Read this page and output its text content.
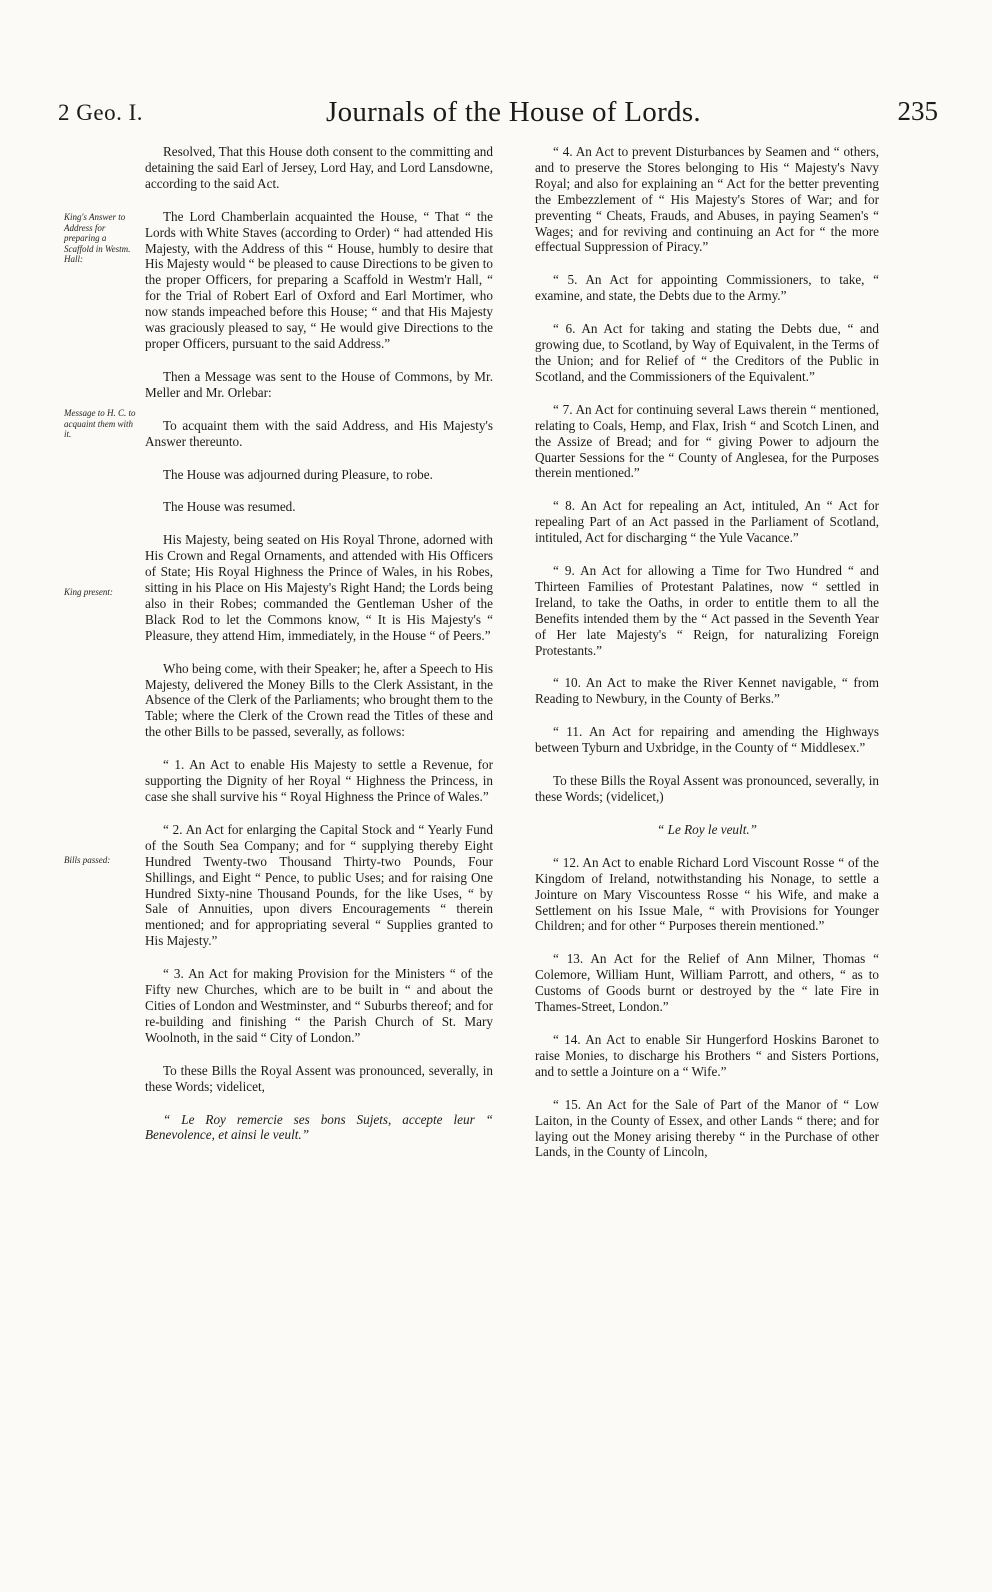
2 Geo. I.	Journals of the House of Lords.	235
King's Answer to Address for preparing a Scaffold in Westm. Hall:
Message to H. C. to acquaint them with it.
King present:
Bills passed:

Resolved, That this House doth consent to the committing and detaining the said Earl of Jersey, Lord Hay, and Lord Lansdowne, according to the said Act.

The Lord Chamberlain acquainted the House, “ That “ the Lords with White Staves (according to Order) “ had attended His Majesty, with the Address of this “ House, humbly to desire that His Majesty would “ be pleased to cause Directions to be given to the proper Officers, for preparing a Scaffold in Westm'r Hall, “ for the Trial of Robert Earl of Oxford and Earl Mortimer, who now stands impeached before this House; “ and that His Majesty was graciously pleased to say, “ He would give Directions to the proper Officers, pursuant to the said Address.”

Then a Message was sent to the House of Commons, by Mr. Meller and Mr. Orlebar:

To acquaint them with the said Address, and His Majesty's Answer thereunto.

The House was adjourned during Pleasure, to robe.

The House was resumed.

His Majesty, being seated on His Royal Throne, adorned with His Crown and Regal Ornaments, and attended with His Officers of State; His Royal Highness the Prince of Wales, in his Robes, sitting in his Place on His Majesty's Right Hand; the Lords being also in their Robes; commanded the Gentleman Usher of the Black Rod to let the Commons know, “ It is His Majesty's “ Pleasure, they attend Him, immediately, in the House “ of Peers.”

Who being come, with their Speaker; he, after a Speech to His Majesty, delivered the Money Bills to the Clerk Assistant, in the Absence of the Clerk of the Parliaments; who brought them to the Table; where the Clerk of the Crown read the Titles of these and the other Bills to be passed, severally, as follows:

“ 1. An Act to enable His Majesty to settle a Revenue, for supporting the Dignity of her Royal “ Highness the Princess, in case she shall survive his “ Royal Highness the Prince of Wales.”

“ 2. An Act for enlarging the Capital Stock and “ Yearly Fund of the South Sea Company; and for “ supplying thereby Eight Hundred Twenty-two Thousand Thirty-two Pounds, Four Shillings, and Eight “ Pence, to public Uses; and for raising One Hundred Sixty-nine Thousand Pounds, for the like Uses, “ by Sale of Annuities, upon divers Encouragements “ therein mentioned; and for appropriating several “ Supplies granted to His Majesty.”

“ 3. An Act for making Provision for the Ministers “ of the Fifty new Churches, which are to be built in “ and about the Cities of London and Westminster, and “ Suburbs thereof; and for re-building and finishing “ the Parish Church of St. Mary Woolnoth, in the said “ City of London.”

To these Bills the Royal Assent was pronounced, severally, in these Words; videlicet,

“ Le Roy remercie ses bons Sujets, accepte leur “ Benevolence, et ainsi le veult.”

“ 4. An Act to prevent Disturbances by Seamen and “ others, and to preserve the Stores belonging to His “ Majesty's Navy Royal; and also for explaining an “ Act for the better preventing the Embezzlement of “ His Majesty's Stores of War; and for preventing “ Cheats, Frauds, and Abuses, in paying Seamen's “ Wages; and for reviving and continuing an Act for “ the more effectual Suppression of Piracy.”

“ 5. An Act for appointing Commissioners, to take, “ examine, and state, the Debts due to the Army.”

“ 6. An Act for taking and stating the Debts due, “ and growing due, to Scotland, by Way of Equivalent, in the Terms of the Union; and for Relief of “ the Creditors of the Public in Scotland, and the Commissioners of the Equivalent.”

“ 7. An Act for continuing several Laws therein “ mentioned, relating to Coals, Hemp, and Flax, Irish “ and Scotch Linen, and the Assize of Bread; and for “ giving Power to adjourn the Quarter Sessions for the “ County of Anglesea, for the Purposes therein mentioned.”

“ 8. An Act for repealing an Act, intituled, An “ Act for repealing Part of an Act passed in the Parliament of Scotland, intituled, Act for discharging “ the Yule Vacance.”

“ 9. An Act for allowing a Time for Two Hundred “ and Thirteen Families of Protestant Palatines, now “ settled in Ireland, to take the Oaths, in order to entitle them to all the Benefits intended them by the “ Act passed in the Seventh Year of Her late Majesty's “ Reign, for naturalizing Foreign Protestants.”

“ 10. An Act to make the River Kennet navigable, “ from Reading to Newbury, in the County of Berks.”

“ 11. An Act for repairing and amending the Highways between Tyburn and Uxbridge, in the County of “ Middlesex.”

To these Bills the Royal Assent was pronounced, severally, in these Words; (videlicet,)

“ Le Roy le veult.”

“ 12. An Act to enable Richard Lord Viscount Rosse “ of the Kingdom of Ireland, notwithstanding his Nonage, to settle a Jointure on Mary Viscountess Rosse “ his Wife, and make a Settlement on his Issue Male, “ with Provisions for Younger Children; and for other “ Purposes therein mentioned.”

“ 13. An Act for the Relief of Ann Milner, Thomas “ Colemore, William Hunt, William Parrott, and others, “ as to Customs of Goods burnt or destroyed by the “ late Fire in Thames-Street, London.”

“ 14. An Act to enable Sir Hungerford Hoskins Baronet to raise Monies, to discharge his Brothers “ and Sisters Portions, and to settle a Jointure on a “ Wife.”

“ 15. An Act for the Sale of Part of the Manor of “ Low Laiton, in the County of Essex, and other Lands “ there; and for laying out the Money arising thereby “ in the Purchase of other Lands, in the County of Lincoln,
